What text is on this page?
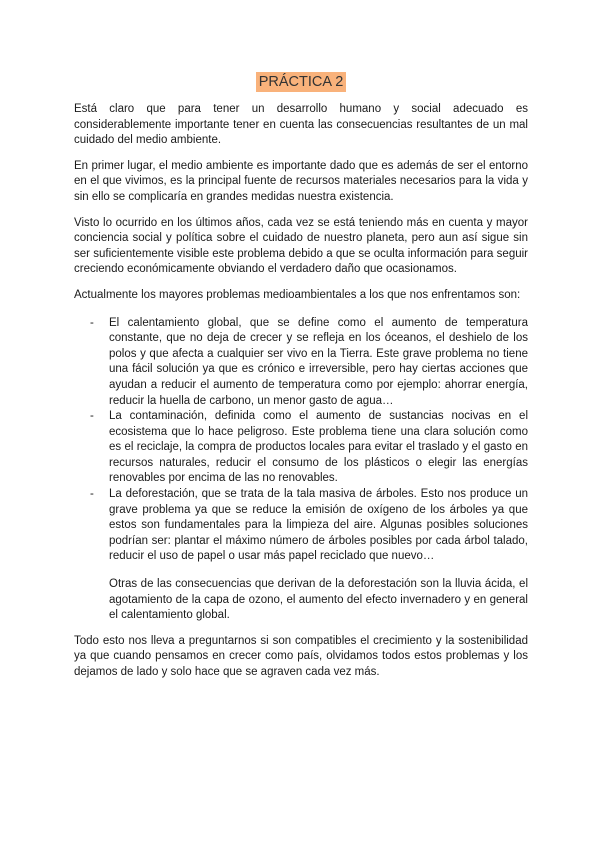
PRÁCTICA 2

Está claro que para tener un desarrollo humano y social adecuado es considerablemente importante tener en cuenta las consecuencias resultantes de un mal cuidado del medio ambiente.

En primer lugar, el medio ambiente es importante dado que es además de ser el entorno en el que vivimos, es la principal fuente de recursos materiales necesarios para la vida y sin ello se complicaría en grandes medidas nuestra existencia.

Visto lo ocurrido en los últimos años, cada vez se está teniendo más en cuenta y mayor conciencia social y política sobre el cuidado de nuestro planeta, pero aun así sigue sin ser suficientemente visible este problema debido a que se oculta información para seguir creciendo económicamente obviando el verdadero daño que ocasionamos.

Actualmente los mayores problemas medioambientales a los que nos enfrentamos son:

- El calentamiento global, que se define como el aumento de temperatura constante, que no deja de crecer y se refleja en los óceanos, el deshielo de los polos y que afecta a cualquier ser vivo en la Tierra. Este grave problema no tiene una fácil solución ya que es crónico e irreversible, pero hay ciertas acciones que ayudan a reducir el aumento de temperatura como por ejemplo: ahorrar energía, reducir la huella de carbono, un menor gasto de agua…
- La contaminación, definida como el aumento de sustancias nocivas en el ecosistema que lo hace peligroso. Este problema tiene una clara solución como es el reciclaje, la compra de productos locales para evitar el traslado y el gasto en recursos naturales, reducir el consumo de los plásticos o elegir las energías renovables por encima de las no renovables.
- La deforestación, que se trata de la tala masiva de árboles. Esto nos produce un grave problema ya que se reduce la emisión de oxígeno de los árboles ya que estos son fundamentales para la limpieza del aire. Algunas posibles soluciones podrían ser: plantar el máximo número de árboles posibles por cada árbol talado, reducir el uso de papel o usar más papel reciclado que nuevo…
Otras de las consecuencias que derivan de la deforestación son la lluvia ácida, el agotamiento de la capa de ozono, el aumento del efecto invernadero y en general el calentamiento global.

Todo esto nos lleva a preguntarnos si son compatibles el crecimiento y la sostenibilidad ya que cuando pensamos en crecer como país, olvidamos todos estos problemas y los dejamos de lado y solo hace que se agraven cada vez más.
